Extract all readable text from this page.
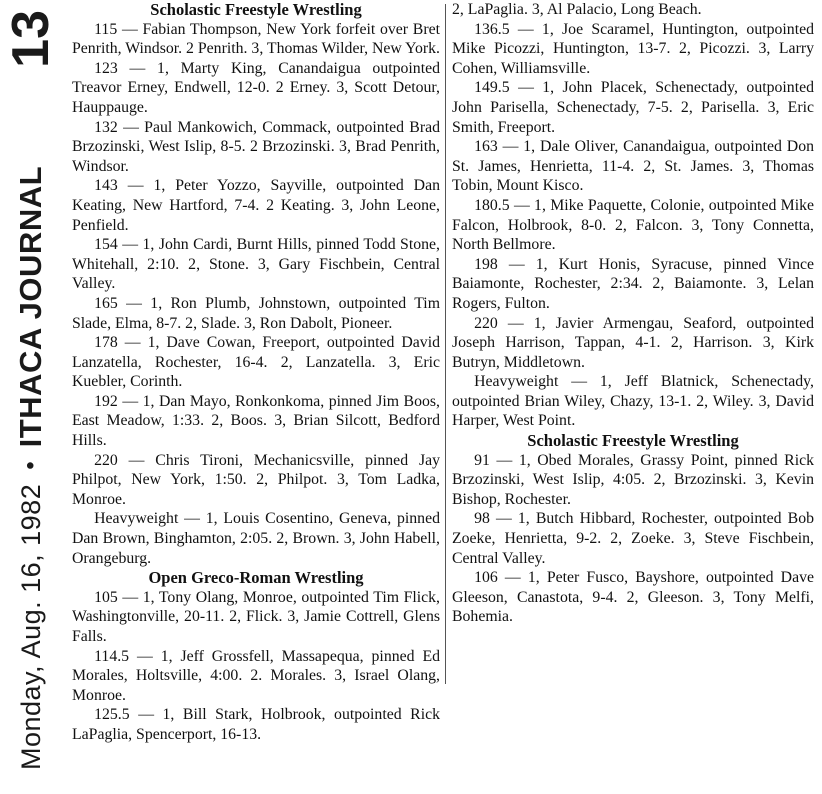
Monday, Aug. 16, 1982
•
ITHACA JOURNAL
13
Scholastic Freestyle Wrestling

115 — Fabian Thompson, New York forfeit over Bret Penrith, Windsor. 2 Penrith. 3, Thomas Wilder, New York.

123 — 1, Marty King, Canandaigua outpointed Treavor Erney, Endwell, 12-0. 2 Erney. 3, Scott Detour, Hauppauge.

132 — Paul Mankowich, Commack, outpointed Brad Brzozinski, West Islip, 8-5. 2 Brzozinski. 3, Brad Penrith, Windsor.

143 — 1, Peter Yozzo, Sayville, outpointed Dan Keating, New Hartford, 7-4. 2 Keating. 3, John Leone, Penfield.

154 — 1, John Cardi, Burnt Hills, pinned Todd Stone, Whitehall, 2:10. 2, Stone. 3, Gary Fischbein, Central Valley.

165 — 1, Ron Plumb, Johnstown, outpointed Tim Slade, Elma, 8-7. 2, Slade. 3, Ron Dabolt, Pioneer.

178 — 1, Dave Cowan, Freeport, outpointed David Lanzatella, Rochester, 16-4. 2, Lanzatella. 3, Eric Kuebler, Corinth.

192 — 1, Dan Mayo, Ronkonkoma, pinned Jim Boos, East Meadow, 1:33. 2, Boos. 3, Brian Silcott, Bedford Hills.

220 — Chris Tironi, Mechanicsville, pinned Jay Philpot, New York, 1:50. 2, Philpot. 3, Tom Ladka, Monroe.

Heavyweight — 1, Louis Cosentino, Geneva, pinned Dan Brown, Binghamton, 2:05. 2, Brown. 3, John Habell, Orangeburg.

Open Greco-Roman Wrestling

105 — 1, Tony Olang, Monroe, outpointed Tim Flick, Washingtonville, 20-11. 2, Flick. 3, Jamie Cottrell, Glens Falls.

114.5 — 1, Jeff Grossfell, Massapequa, pinned Ed Morales, Holtsville, 4:00. 2. Morales. 3, Israel Olang, Monroe.

125.5 — 1, Bill Stark, Holbrook, outpointed Rick LaPaglia, Spencerport, 16-13.

2, LaPaglia. 3, Al Palacio, Long Beach.

136.5 — 1, Joe Scaramel, Huntington, outpointed Mike Picozzi, Huntington, 13-7. 2, Picozzi. 3, Larry Cohen, Williamsville.

149.5 — 1, John Placek, Schenectady, outpointed John Parisella, Schenectady, 7-5. 2, Parisella. 3, Eric Smith, Freeport.

163 — 1, Dale Oliver, Canandaigua, outpointed Don St. James, Henrietta, 11-4. 2, St. James. 3, Thomas Tobin, Mount Kisco.

180.5 — 1, Mike Paquette, Colonie, outpointed Mike Falcon, Holbrook, 8-0. 2, Falcon. 3, Tony Connetta, North Bellmore.

198 — 1, Kurt Honis, Syracuse, pinned Vince Baiamonte, Rochester, 2:34. 2, Baiamonte. 3, Lelan Rogers, Fulton.

220 — 1, Javier Armengau, Seaford, outpointed Joseph Harrison, Tappan, 4-1. 2, Harrison. 3, Kirk Butryn, Middletown.

Heavyweight — 1, Jeff Blatnick, Schenectady, outpointed Brian Wiley, Chazy, 13-1. 2, Wiley. 3, David Harper, West Point.

Scholastic Freestyle Wrestling

91 — 1, Obed Morales, Grassy Point, pinned Rick Brzozinski, West Islip, 4:05. 2, Brzozinski. 3, Kevin Bishop, Rochester.

98 — 1, Butch Hibbard, Rochester, outpointed Bob Zoeke, Henrietta, 9-2. 2, Zoeke. 3, Steve Fischbein, Central Valley.

106 — 1, Peter Fusco, Bayshore, outpointed Dave Gleeson, Canastota, 9-4. 2, Gleeson. 3, Tony Melfi, Bohemia.
